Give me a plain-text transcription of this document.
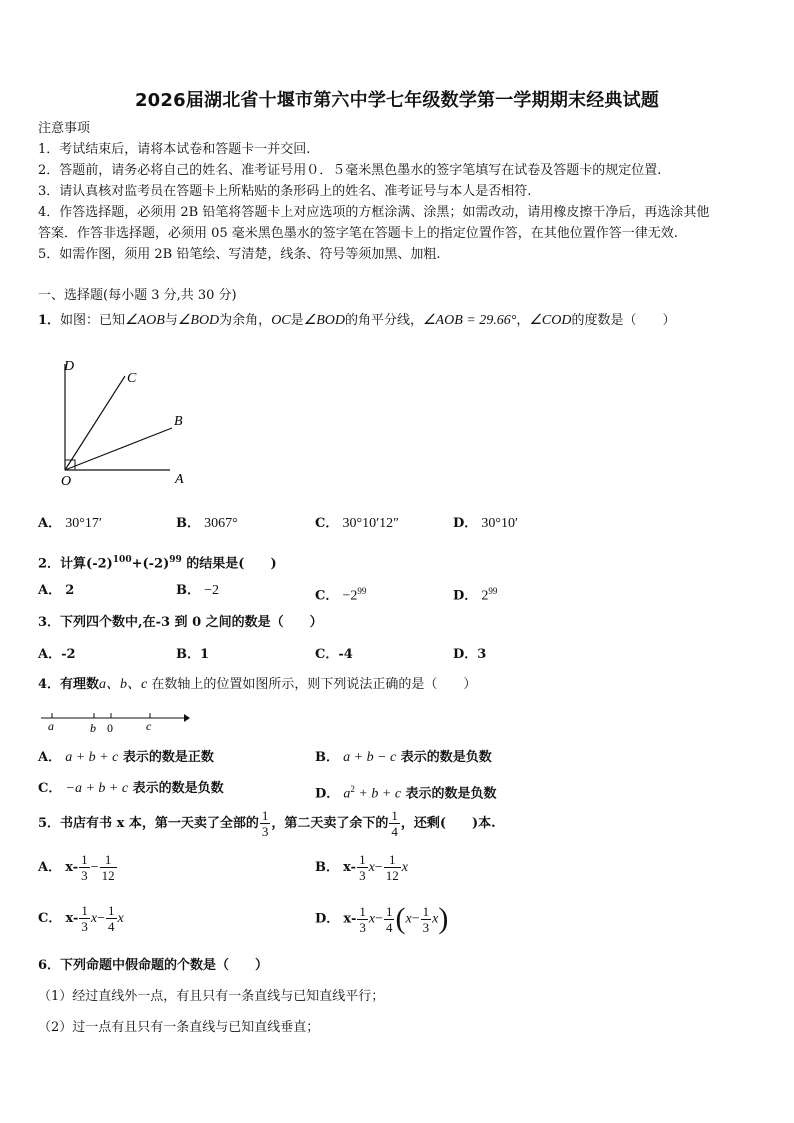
2026届湖北省十堰市第六中学七年级数学第一学期期末经典试题
注意事项
1．考试结束后，请将本试卷和答题卡一并交回.
2．答题前，请务必将自己的姓名、准考证号用０．５毫米黑色墨水的签字笔填写在试卷及答题卡的规定位置.
3．请认真核对监考员在答题卡上所粘贴的条形码上的姓名、准考证号与本人是否相符.
4．作答选择题，必须用 2B 铅笔将答题卡上对应选项的方框涂满、涂黑；如需改动，请用橡皮擦干净后，再选涂其他
答案．作答非选择题，必须用 05 毫米黑色墨水的签字笔在答题卡上的指定位置作答，在其他位置作答一律无效.
5．如需作图，须用 2B 铅笔绘、写清楚，线条、符号等须加黑、加粗.
一、选择题(每小题 3 分,共 30 分)
1．如图：已知∠AOB与∠BOD为余角，OC是∠BOD的角平分线，∠AOB = 29.66°，∠COD的度数是（　　）
D
C
B
O	A
A． 30°17′	B． 3067°	C． 30°10′12″	D． 30°10′
2．计算$(-2)^{100}+(-2)^{99}$ 的结果是(　　)
A． 2	B． −2	C． $-2^{99}$	D． $2^{99}$
3．下列四个数中,在-3 到 0 之间的数是（　　）
A．-2	B．1	C．-4	D．3
4．有理数a、b、c 在数轴上的位置如图所示，则下列说法正确的是（　　）
a	b 0	c
A． a + b + c 表示的数是正数	B． a + b − c 表示的数是负数
C． −a + b + c 表示的数是负数	D． $a^2 + b + c$ 表示的数是负数
5．书店有书 x 本，第一天卖了全部的 $\frac{1}{3}$ ，第二天卖了余下的 $\frac{1}{4}$ ，还剩(　　)本.
A． $x- \frac{1}{3} - \frac{1}{12}$	B． $x- \frac{1}{3} x- \frac{1}{12}$ x
C． $x- \frac{1}{3} x- \frac{1}{4}$ x	D． $x- \frac{1}{3} x- \frac{1}{4} (x- \frac{1}{3} x)$
6．下列命题中假命题的个数是（　　）
（1）经过直线外一点，有且只有一条直线与已知直线平行；
（2）过一点有且只有一条直线与已知直线垂直；
